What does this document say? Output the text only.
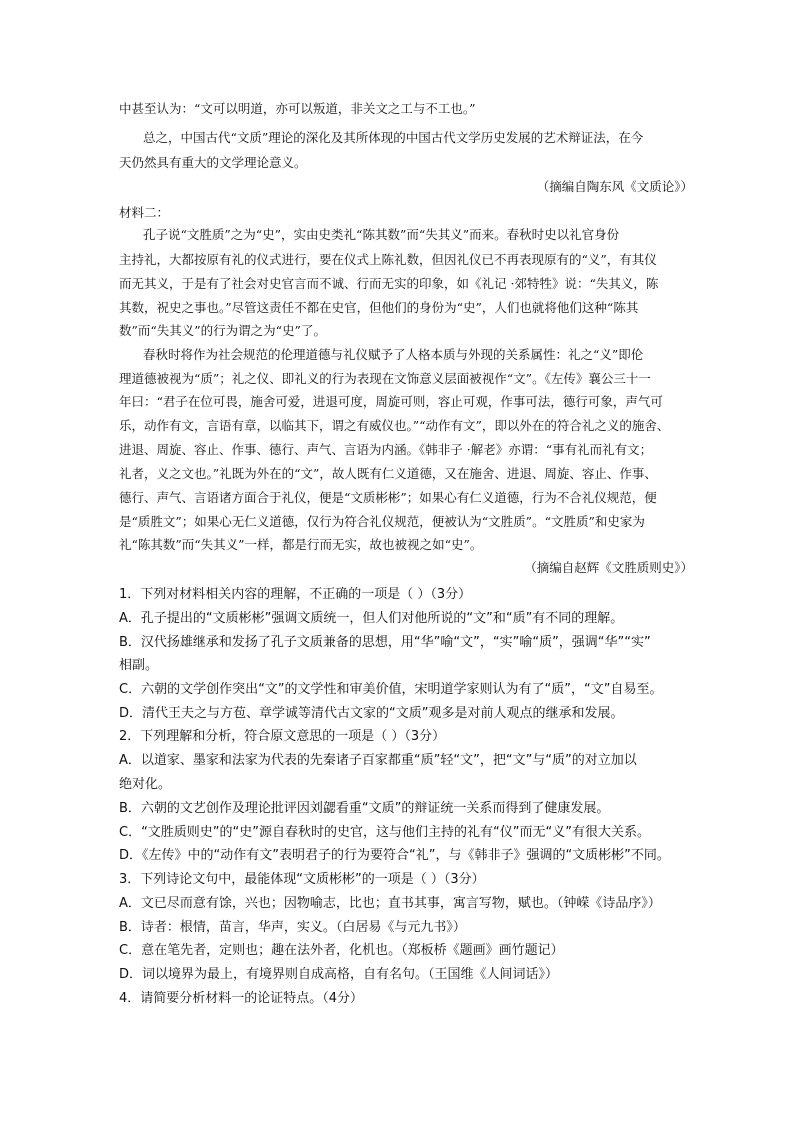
中甚至认为：“文可以明道，亦可以叛道，非关文之工与不工也。”
总之，中国古代“文质”理论的深化及其所体现的中国古代文学历史发展的艺术辩证法，在今
天仍然具有重大的文学理论意义。
（摘编自陶东风《文质论》）
材料二：
孔子说“文胜质”之为“史”，实由史类礼“陈其数”而“失其义”而来。春秋时史以礼官身份
主持礼，大都按原有礼的仪式进行，要在仪式上陈礼数，但因礼仪已不再表现原有的“义”，有其仪
而无其义，于是有了社会对史官言而不诚、行而无实的印象，如《礼记 ·郊特牲》说：“失其义，陈
其数，祝史之事也。”尽管这责任不都在史官，但他们的身份为“史”，人们也就将他们这种“陈其
数”而“失其义”的行为谓之为“史”了。
春秋时将作为社会规范的伦理道德与礼仪赋予了人格本质与外现的关系属性：礼之“义”即伦
理道德被视为“质”；礼之仪、即礼义的行为表现在文饰意义层面被视作“文”。《左传》襄公三十一
年曰：“君子在位可畏，施舍可爱，进退可度，周旋可则，容止可观，作事可法，德行可象，声气可
乐，动作有文，言语有章，以临其下，谓之有威仪也。”“动作有文”，即以外在的符合礼之义的施舍、
进退、周旋、容止、作事、德行、声气、言语为内涵。《韩非子 ·解老》亦谓：“事有礼而礼有文；
礼者，义之文也。”礼既为外在的“文”，故人既有仁义道德，又在施舍、进退、周旋、容止、作事、
德行、声气、言语诸方面合于礼仪，便是“文质彬彬”；如果心有仁义道德，行为不合礼仪规范，便
是“质胜文”；如果心无仁义道德，仅行为符合礼仪规范，便被认为“文胜质”。“文胜质”和史家为
礼“陈其数”而“失其义”一样，都是行而无实，故也被视之如“史”。
（摘编自赵辉《文胜质则史》）
1．下列对材料相关内容的理解，不正确的一项是（ ）（3分）
A．孔子提出的“文质彬彬”强调文质统一，但人们对他所说的“文”和“质”有不同的理解。
B．汉代扬雄继承和发扬了孔子文质兼备的思想，用“华”喻“文”，“实”喻“质”，强调“华”“实”
相副。
C．六朝的文学创作突出“文”的文学性和审美价值，宋明道学家则认为有了“质”，“文”自易至。
D．清代王夫之与方苞、章学诚等清代古文家的“文质”观多是对前人观点的继承和发展。
2．下列理解和分析，符合原文意思的一项是（ ）（3分）
A．以道家、墨家和法家为代表的先秦诸子百家都重“质”轻“文”，把“文”与“质”的对立加以
绝对化。
B．六朝的文艺创作及理论批评因刘勰看重“文质”的辩证统一关系而得到了健康发展。
C．“文胜质则史”的“史”源自春秋时的史官，这与他们主持的礼有“仪”而无“义”有很大关系。
D．《左传》中的“动作有文”表明君子的行为要符合“礼”，与《韩非子》强调的“文质彬彬”不同。
3．下列诗论文句中，最能体现“文质彬彬”的一项是（ ）（3分）
A．文已尽而意有馀，兴也；因物喻志，比也；直书其事，寓言写物，赋也。（钟嵘《诗品序》）
B．诗者：根情，苗言，华声，实义。（白居易《与元九书》）
C．意在笔先者，定则也；趣在法外者，化机也。（郑板桥《题画》画竹题记）
D．词以境界为最上，有境界则自成高格，自有名句。（王国维《人间词话》）
4．请简要分析材料一的论证特点。（4分）
